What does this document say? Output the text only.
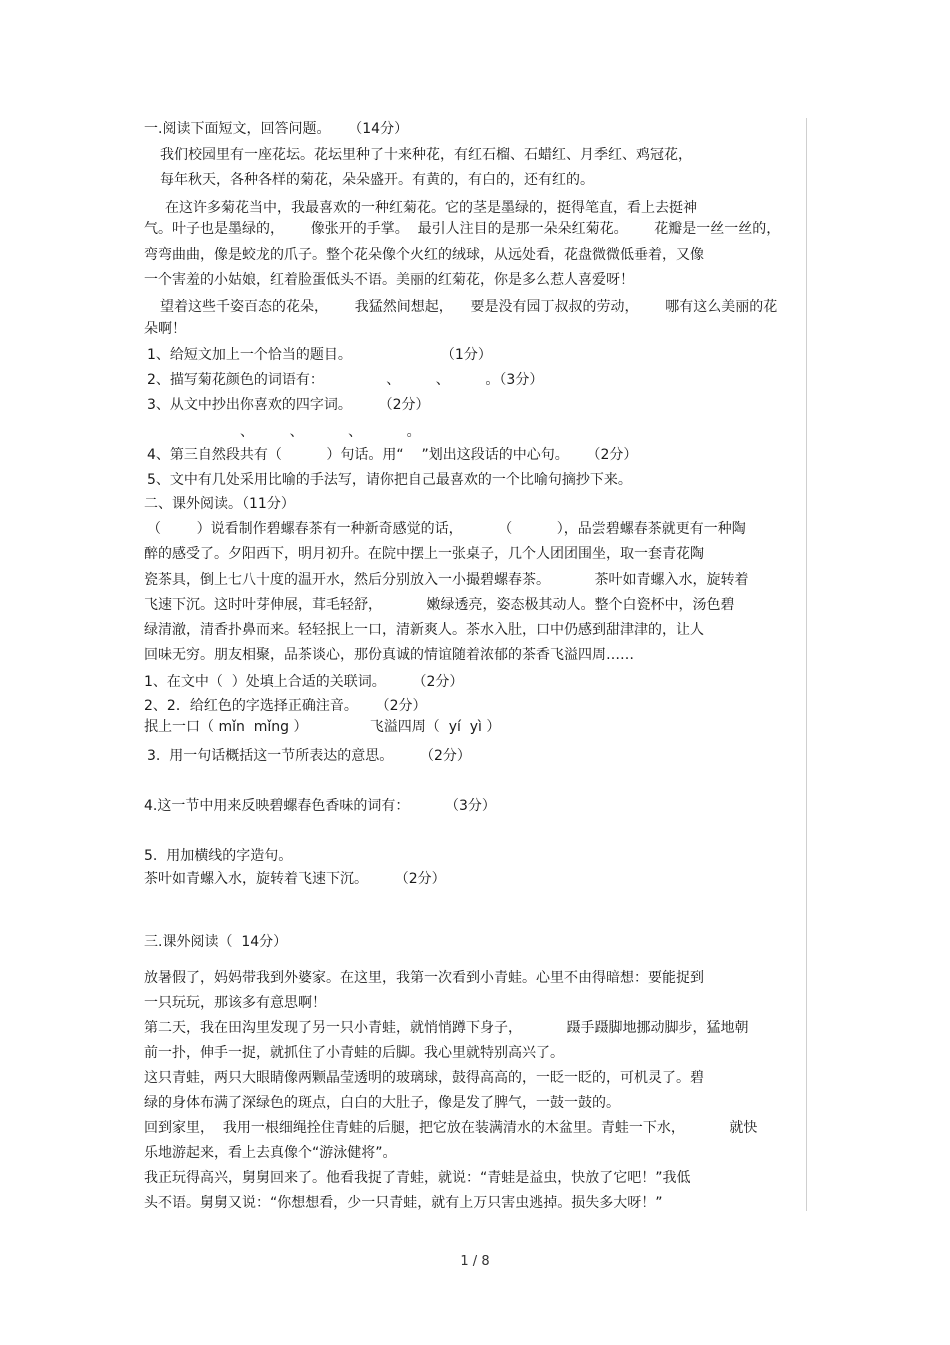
一.阅读下面短文，回答问题。    （14分）
我们校园里有一座花坛。花坛里种了十来种花，有红石榴、石蜡红、月季红、鸡冠花，
每年秋天，各种各样的菊花，朵朵盛开。有黄的，有白的，还有红的。
在这许多菊花当中，我最喜欢的一种红菊花。它的茎是墨绿的，挺得笔直，看上去挺神
气。叶子也是墨绿的，      像张开的手掌。  最引人注目的是那一朵朵红菊花。      花瓣是一丝一丝的，
弯弯曲曲，像是蛟龙的爪子。整个花朵像个火红的绒球，从远处看，花盘微微低垂着，又像
一个害羞的小姑娘，红着脸蛋低头不语。美丽的红菊花，你是多么惹人喜爱呀！
望着这些千姿百态的花朵，      我猛然间想起，    要是没有园丁叔叔的劳动，      哪有这么美丽的花
朵啊！
1、给短文加上一个恰当的题目。                    （1分）
2、描写菊花颜色的词语有：              、        、        。（3分）
3、从文中抄出你喜欢的四字词。      （2分）
、        、          、          。
4、第三自然段共有（          ）句话。用“    ”划出这段话的中心句。    （2分）
5、文中有几处采用比喻的手法写，请你把自己最喜欢的一个比喻句摘抄下来。
二、课外阅读。（11分）
（        ）说看制作碧螺春茶有一种新奇感觉的话，        （          ），品尝碧螺春茶就更有一种陶
醉的感受了。夕阳西下，明月初升。在院中摆上一张桌子，几个人团团围坐，取一套青花陶
瓷茶具，倒上七八十度的温开水，然后分别放入一小撮碧螺春茶。          茶叶如青螺入水，旋转着
飞速下沉。这时叶芽伸展，茸毛轻舒，          嫩绿透亮，姿态极其动人。整个白瓷杯中，汤色碧
绿清澈，清香扑鼻而来。轻轻抿上一口，清新爽人。茶水入肚，口中仍感到甜津津的，让人
回味无穷。朋友相聚，品茶谈心，那份真诚的情谊随着浓郁的茶香飞溢四周……
1、在文中（  ）处填上合适的关联词。      （2分）
2、2．给红色的字选择正确注音。    （2分）
抿上一口（ mǐn  mǐng ）              飞溢四周（  yí  yì ）
3.  用一句话概括这一节所表达的意思。      （2分）
4.这一节中用来反映碧螺春色香味的词有：        （3分）
5.  用加横线的字造句。
茶叶如青螺入水，旋转着飞速下沉。      （2分）
三.课外阅读（  14分）
放暑假了，妈妈带我到外婆家。在这里，我第一次看到小青蛙。心里不由得暗想：要能捉到
一只玩玩，那该多有意思啊！
第二天，我在田沟里发现了另一只小青蛙，就悄悄蹲下身子，          蹑手蹑脚地挪动脚步，猛地朝
前一扑，伸手一捉，就抓住了小青蛙的后脚。我心里就特别高兴了。
这只青蛙，两只大眼睛像两颗晶莹透明的玻璃球，鼓得高高的，一眨一眨的，可机灵了。碧
绿的身体布满了深绿色的斑点，白白的大肚子，像是发了脾气，一鼓一鼓的。
回到家里，  我用一根细绳拴住青蛙的后腿，把它放在装满清水的木盆里。青蛙一下水，          就快
乐地游起来，看上去真像个“游泳健将”。
我正玩得高兴，舅舅回来了。他看我捉了青蛙，就说：“青蛙是益虫，快放了它吧！”我低
头不语。舅舅又说：“你想想看，少一只青蛙，就有上万只害虫逃掉。损失多大呀！”
1 / 8
